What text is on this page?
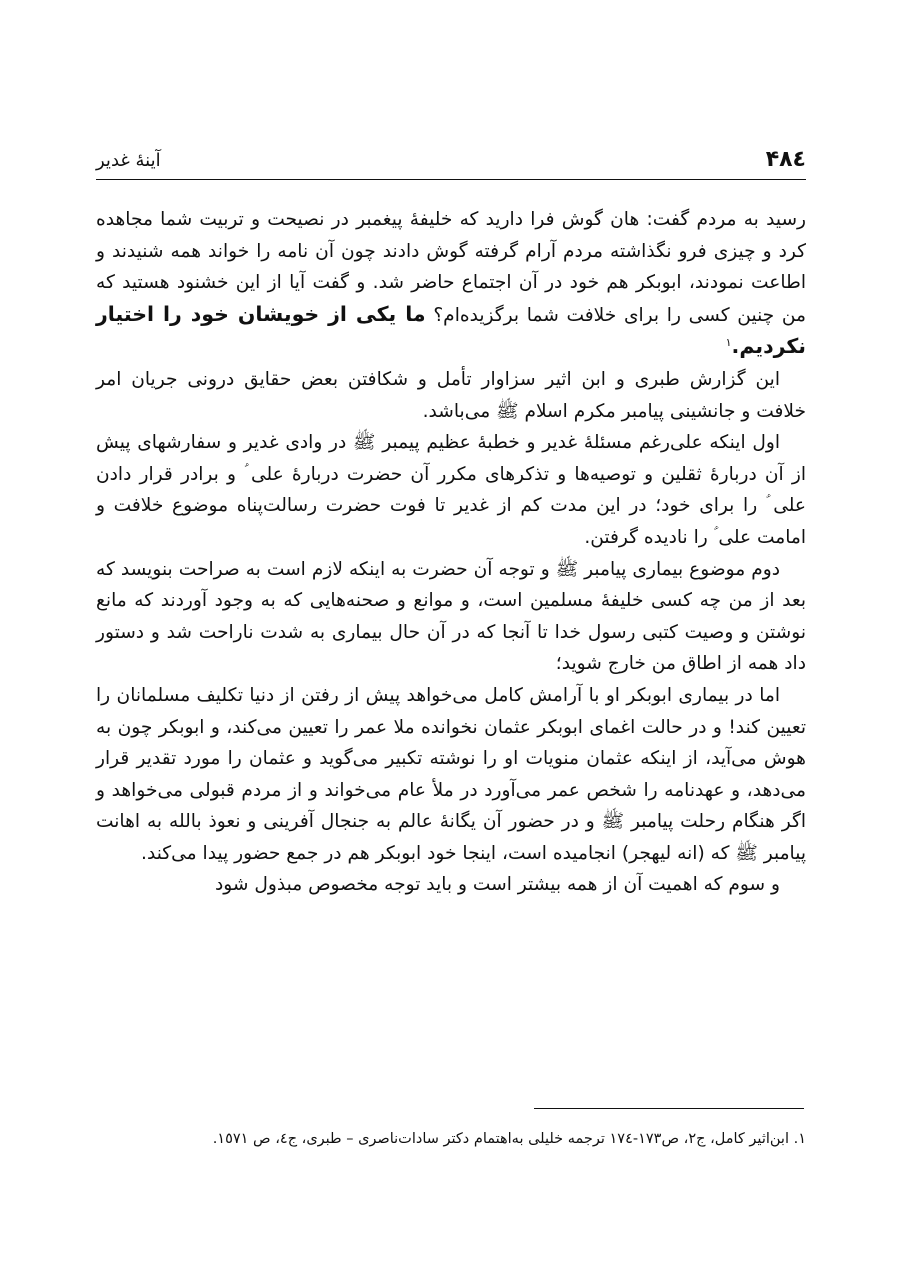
۴۸٤
آینهٔ غدیر

رسید به مردم گفت: هان گوش فرا دارید که خلیفهٔ پیغمبر در نصیحت و تربیت شما مجاهده کرد و چیزی فرو نگذاشته مردم آرام گرفته گوش دادند چون آن نامه را خواند همه شنیدند و اطاعت نمودند، ابوبکر هم خود در آن اجتماع حاضر شد. و گفت آیا از این خشنود هستید که من چنین کسی را برای خلافت شما برگزیده‌ام؟ ما یکی از خویشان خود را اختیار نکردیم.$^١$

این گزارش طبری و ابن اثیر سزاوار تأمل و شکافتن بعض حقایق درونی جریان امر خلافت و جانشینی پیامبر مکرم اسلام ﷺ می‌باشد.

اول اینکه علی‌رغم مسئلهٔ غدیر و خطبهٔ عظیم پیمبر ﷺ در وادی غدیر و سفارشهای پیش از آن دربارهٔ ثقلین و توصیه‌ها و تذکرهای مکرر آن حضرت دربارهٔ علی ؑ و برادر قرار دادن علی ؑ را برای خود؛ در این مدت کم از غدیر تا فوت حضرت رسالت‌پناه موضوع خلافت و امامت علی ؑ را نادیده گرفتن.

دوم موضوع بیماری پیامبر ﷺ و توجه آن حضرت به اینکه لازم است به صراحت بنویسد که بعد از من چه کسی خلیفهٔ مسلمین است، و موانع و صحنه‌هایی که به وجود آوردند که مانع نوشتن و وصیت کتبی رسول خدا تا آنجا که در آن حال بیماری به شدت ناراحت شد و دستور داد همه از اطاق من خارج شوید؛

اما در بیماری ابوبکر او با آرامش کامل می‌خواهد پیش از رفتن از دنیا تکلیف مسلمانان را تعیین کند! و در حالت اغمای ابوبکر عثمان نخوانده ملا عمر را تعیین می‌کند، و ابوبکر چون به هوش می‌آید، از اینکه عثمان منویات او را نوشته تکبیر می‌گوید و عثمان را مورد تقدیر قرار می‌دهد، و عهدنامه را شخص عمر می‌آورد در ملأ عام می‌خواند و از مردم قبولی می‌خواهد و اگر هنگام رحلت پیامبر ﷺ و در حضور آن یگانهٔ عالم به جنجال آفرینی و نعوذ بالله به اهانت پیامبر ﷺ که (انه لیهجر) انجامیده است، اینجا خود ابوبکر هم در جمع حضور پیدا می‌کند.

و سوم که اهمیت آن از همه بیشتر است و باید توجه مخصوص مبذول شود

١. ابن‌اثیر کامل، ج٢، ص١٧٣-١٧٤ ترجمه خلیلی به‌اهتمام دکتر سادات‌ناصری – طبری، ج٤، ص ١٥٧١.
